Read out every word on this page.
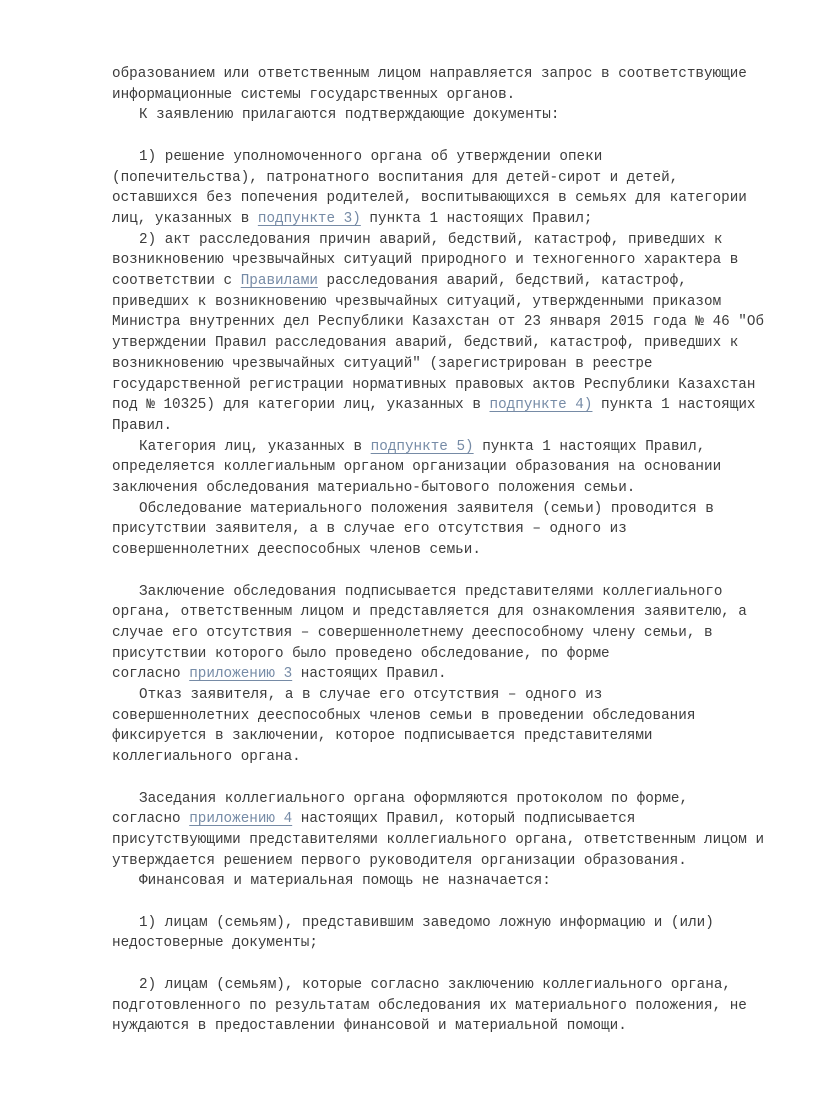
образованием или ответственным лицом направляется запрос в соответствующие
информационные системы государственных органов.
К заявлению прилагаются подтверждающие документы:
1) решение уполномоченного органа об утверждении опеки
(попечительства), патронатного воспитания для детей-сирот и детей,
оставшихся без попечения родителей, воспитывающихся в семьях для категории
лиц, указанных в подпункте 3) пункта 1 настоящих Правил;
2) акт расследования причин аварий, бедствий, катастроф, приведших к
возникновению чрезвычайных ситуаций природного и техногенного характера в
соответствии с Правилами расследования аварий, бедствий, катастроф,
приведших к возникновению чрезвычайных ситуаций, утвержденными приказом
Министра внутренних дел Республики Казахстан от 23 января 2015 года № 46 "Об
утверждении Правил расследования аварий, бедствий, катастроф, приведших к
возникновению чрезвычайных ситуаций" (зарегистрирован в реестре
государственной регистрации нормативных правовых актов Республики Казахстан
под № 10325) для категории лиц, указанных в подпункте 4) пункта 1 настоящих
Правил.
Категория лиц, указанных в подпункте 5) пункта 1 настоящих Правил,
определяется коллегиальным органом организации образования на основании
заключения обследования материально-бытового положения семьи.
Обследование материального положения заявителя (семьи) проводится в
присутствии заявителя, а в случае его отсутствия – одного из
совершеннолетних дееспособных членов семьи.
Заключение обследования подписывается представителями коллегиального
органа, ответственным лицом и представляется для ознакомления заявителю, а
случае его отсутствия – совершеннолетнему дееспособному члену семьи, в
присутствии которого было проведено обследование, по форме
согласно приложению 3 настоящих Правил.
Отказ заявителя, а в случае его отсутствия – одного из
совершеннолетних дееспособных членов семьи в проведении обследования
фиксируется в заключении, которое подписывается представителями
коллегиального органа.
Заседания коллегиального органа оформляются протоколом по форме,
согласно приложению 4 настоящих Правил, который подписывается
присутствующими представителями коллегиального органа, ответственным лицом и
утверждается решением первого руководителя организации образования.
Финансовая и материальная помощь не назначается:
1) лицам (семьям), представившим заведомо ложную информацию и (или)
недостоверные документы;
2) лицам (семьям), которые согласно заключению коллегиального органа,
подготовленного по результатам обследования их материального положения, не
нуждаются в предоставлении финансовой и материальной помощи.
